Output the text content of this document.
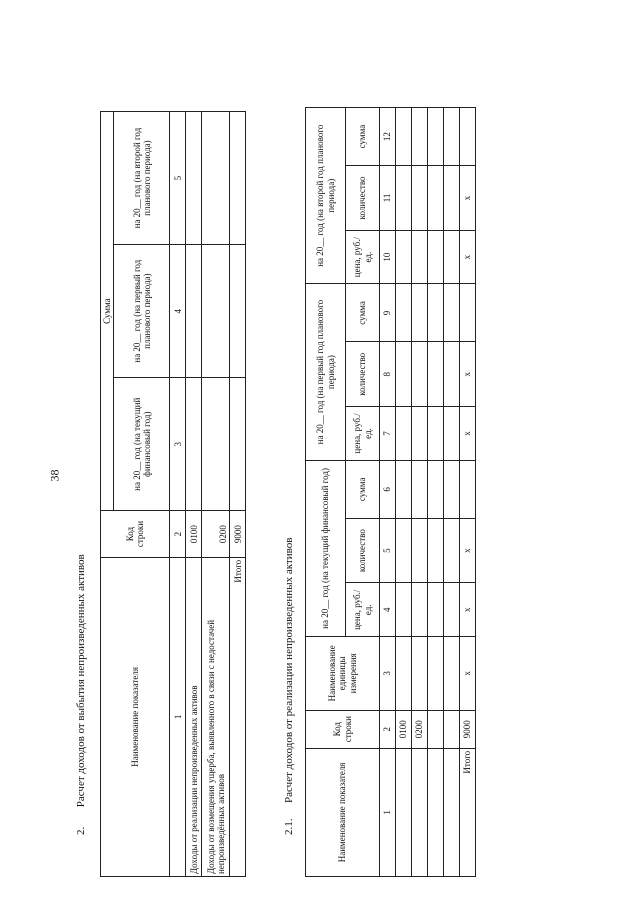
38
2.  Расчет доходов от выбытия непроизведенных активов	Наименование показателя	Код строки	Сумма		
		на 20__ год (на текущий финансовый год)	на 20__ год (на первый год планового периода)	на 20__ год (на второй год планового периода)
1	2	3	4	5
Доходы от реализации непроизведенных активов	0100			
Доходы от возмещения ущерба, выявленного в связи с недостачей непроизведённых активов	0200			
Итого	9000			
2.1.  Расчет доходов от реализации непроизведенных активов
Наименование показателя	Код строки	Наименование единицы измерения	на 20__ год (на текущий финансовый год)			на 20__ год (на первый год планового периода)			на 20__ год (на второй год планового периода)		
			цена, руб./ед.	количество	сумма	цена, руб./ед.	количество	сумма	цена, руб./ед.	количество	сумма
1	2	3	4	5	6	7	8	9	10	11	12
	0100										
	0200										

Итого	9000	x	x	x		x	x		x	x	
